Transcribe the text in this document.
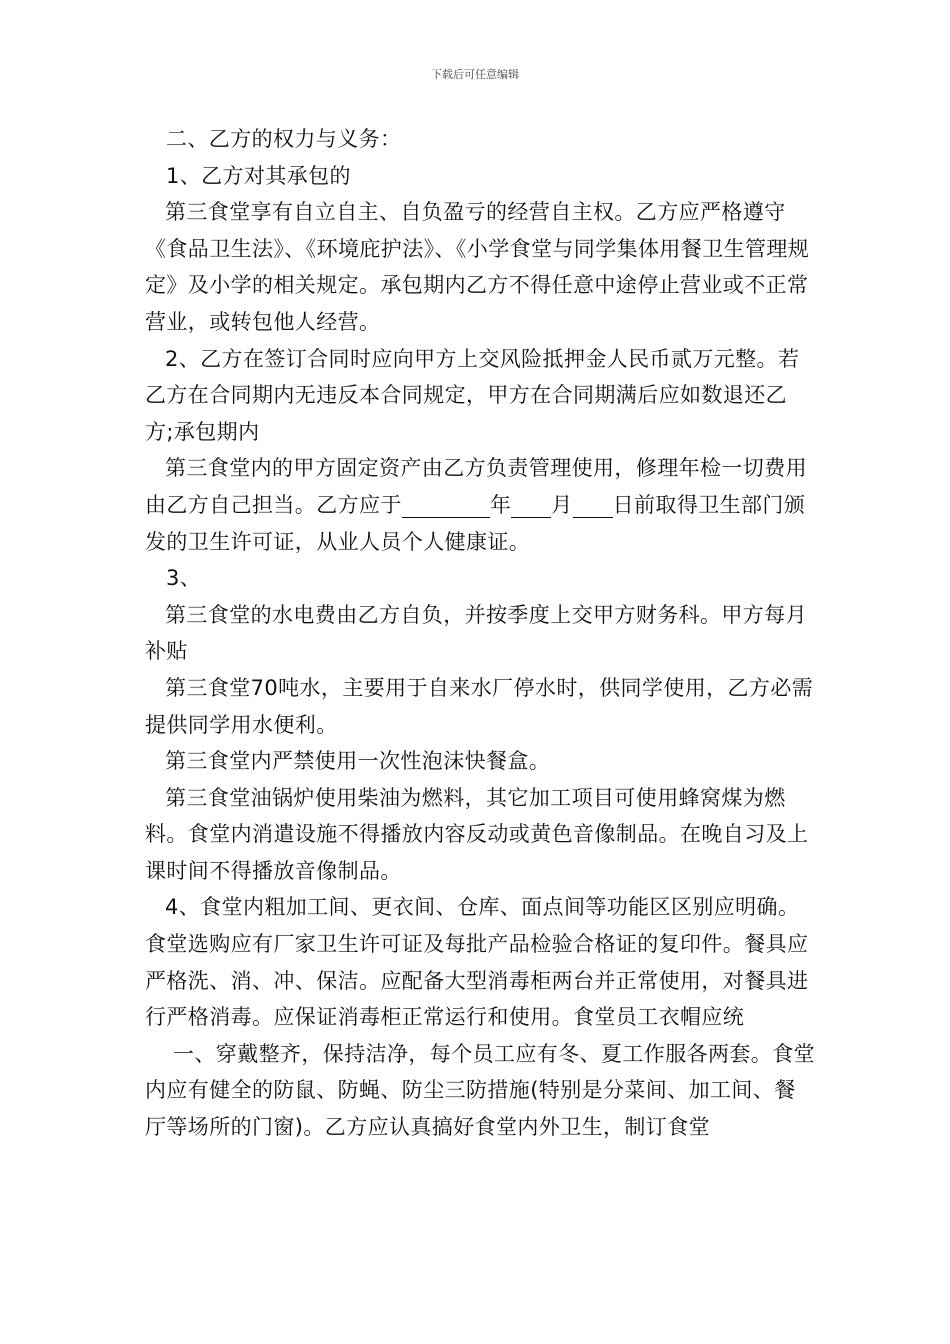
下载后可任意编辑

二、乙方的权力与义务：

1、乙方对其承包的

第三食堂享有自立自主、自负盈亏的经营自主权。乙方应严格遵守《食品卫生法》、《环境庇护法》、《小学食堂与同学集体用餐卫生管理规定》及小学的相关规定。承包期内乙方不得任意中途停止营业或不正常营业，或转包他人经营。

2、乙方在签订合同时应向甲方上交风险抵押金人民币贰万元整。若乙方在合同期内无违反本合同规定，甲方在合同期满后应如数退还乙方;承包期内

第三食堂内的甲方固定资产由乙方负责管理使用，修理年检一切费用由乙方自己担当。乙方应于	年 月 日前取得卫生部门颁发的卫生许可证，从业人员个人健康证。

3、

第三食堂的水电费由乙方自负，并按季度上交甲方财务科。甲方每月补贴

第三食堂70吨水，主要用于自来水厂停水时，供同学使用，乙方必需提供同学用水便利。

第三食堂内严禁使用一次性泡沫快餐盒。

第三食堂油锅炉使用柴油为燃料，其它加工项目可使用蜂窝煤为燃料。食堂内消遣设施不得播放内容反动或黄色音像制品。在晚自习及上课时间不得播放音像制品。

4、食堂内粗加工间、更衣间、仓库、面点间等功能区区别应明确。食堂选购应有厂家卫生许可证及每批产品检验合格证的复印件。餐具应严格洗、消、冲、保洁。应配备大型消毒柜两台并正常使用，对餐具进行严格消毒。应保证消毒柜正常运行和使用。食堂员工衣帽应统

一、穿戴整齐，保持洁净，每个员工应有冬、夏工作服各两套。食堂内应有健全的防鼠、防蝇、防尘三防措施(特别是分菜间、加工间、餐厅等场所的门窗)。乙方应认真搞好食堂内外卫生，制订食堂
